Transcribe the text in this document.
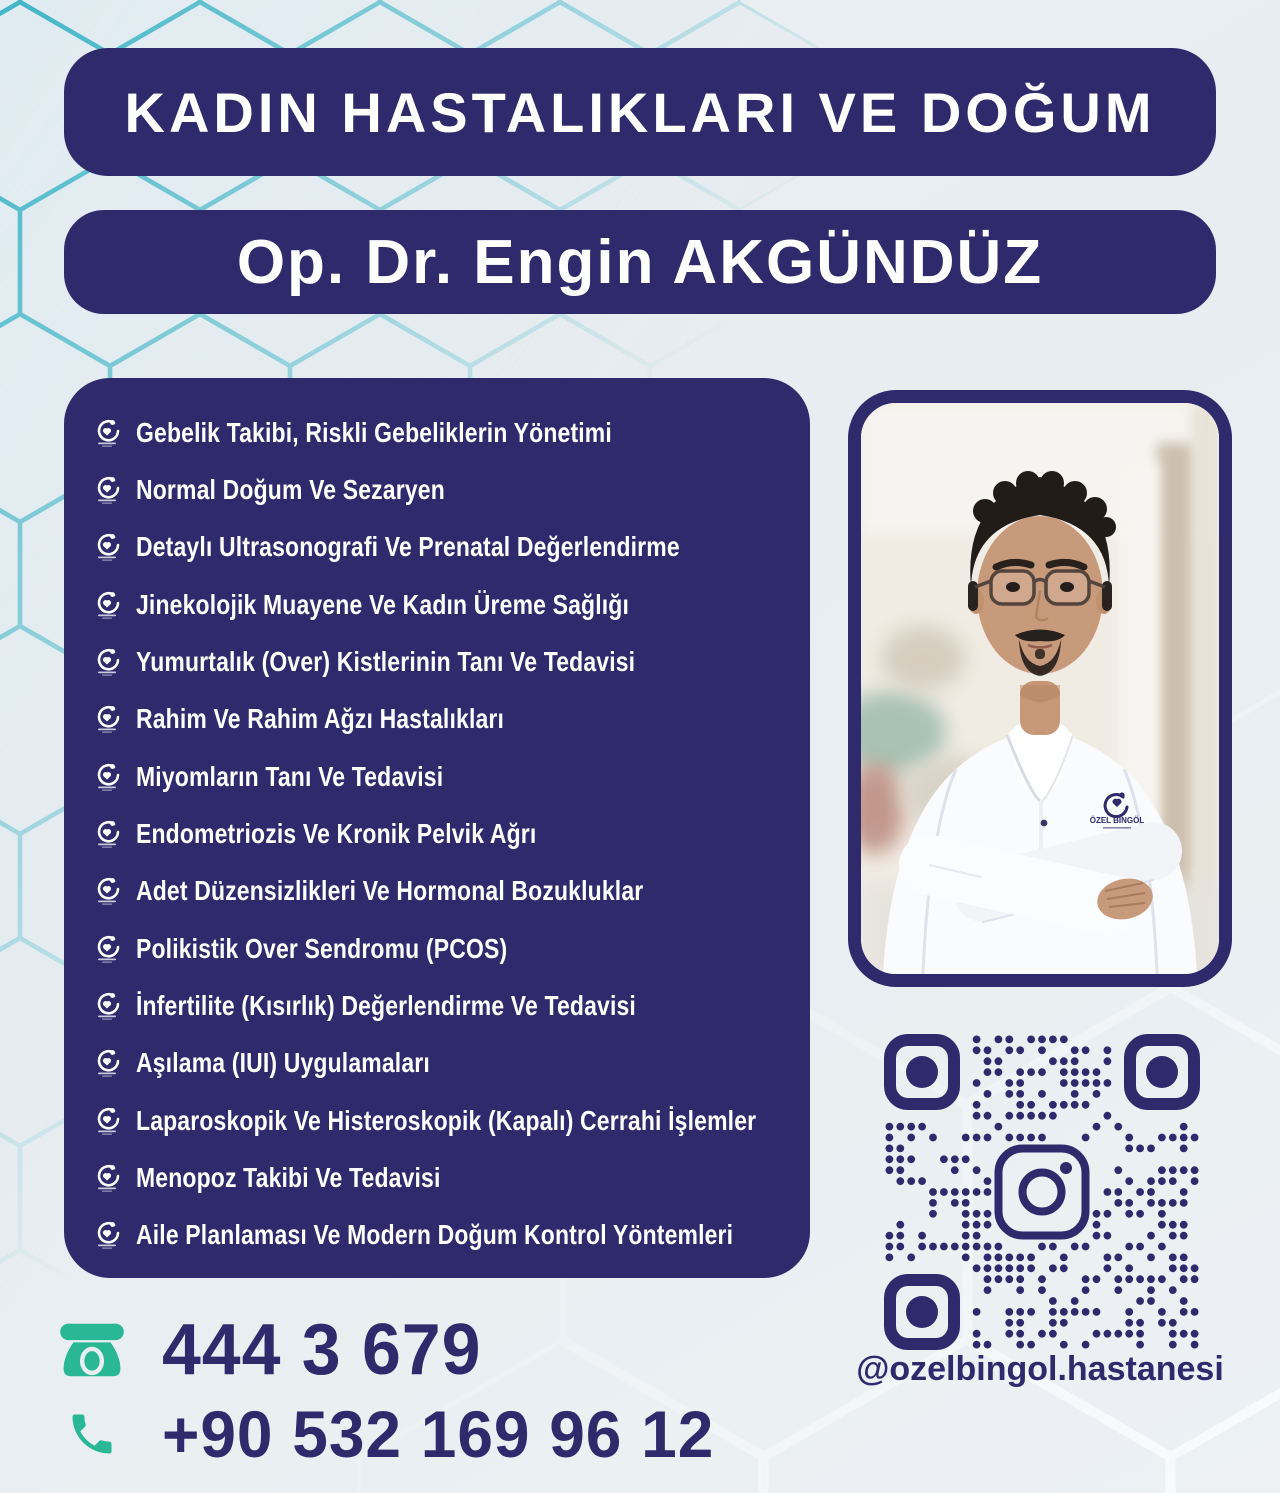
KADIN HASTALIKLARI VE DOĞUM
Op. Dr. Engin AKGÜNDÜZ
Gebelik Takibi, Riskli Gebeliklerin Yönetimi
Normal Doğum Ve Sezaryen
Detaylı Ultrasonografi Ve Prenatal Değerlendirme
Jinekolojik Muayene Ve Kadın Üreme Sağlığı
Yumurtalık (Over) Kistlerinin Tanı Ve Tedavisi
Rahim Ve Rahim Ağzı Hastalıkları
Miyomların Tanı Ve Tedavisi
Endometriozis Ve Kronik Pelvik Ağrı
Adet Düzensizlikleri Ve Hormonal Bozukluklar
Polikistik Over Sendromu (PCOS)
İnfertilite (Kısırlık) Değerlendirme Ve Tedavisi
Aşılama (IUI) Uygulamaları
Laparoskopik Ve Histeroskopik (Kapalı) Cerrahi İşlemler
Menopoz Takibi Ve Tedavisi
Aile Planlaması Ve Modern Doğum Kontrol Yöntemleri
ÖZEL BİNGÖL
@ozelbingol.hastanesi
444 3 679
+90 532 169 96 12
